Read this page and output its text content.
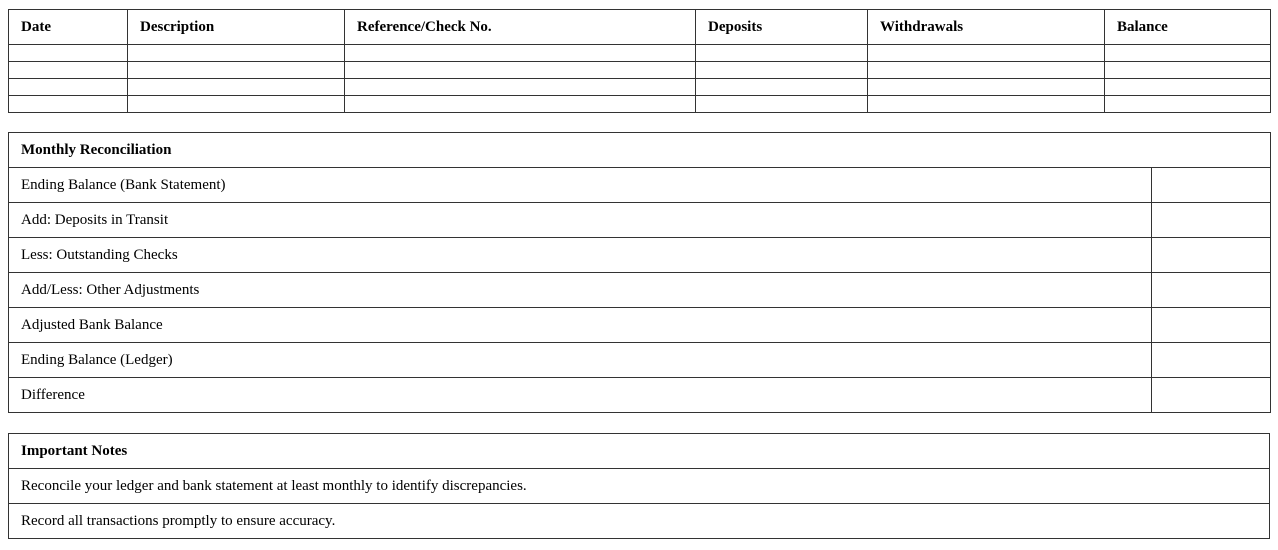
Date	Description	Reference/Check No.	Deposits	Withdrawals	Balance

Monthly Reconciliation	
Ending Balance (Bank Statement)	
Add: Deposits in Transit	
Less: Outstanding Checks	
Add/Less: Other Adjustments	
Adjusted Bank Balance	
Ending Balance (Ledger)	
Difference	
Important Notes
Reconcile your ledger and bank statement at least monthly to identify discrepancies.
Record all transactions promptly to ensure accuracy.
